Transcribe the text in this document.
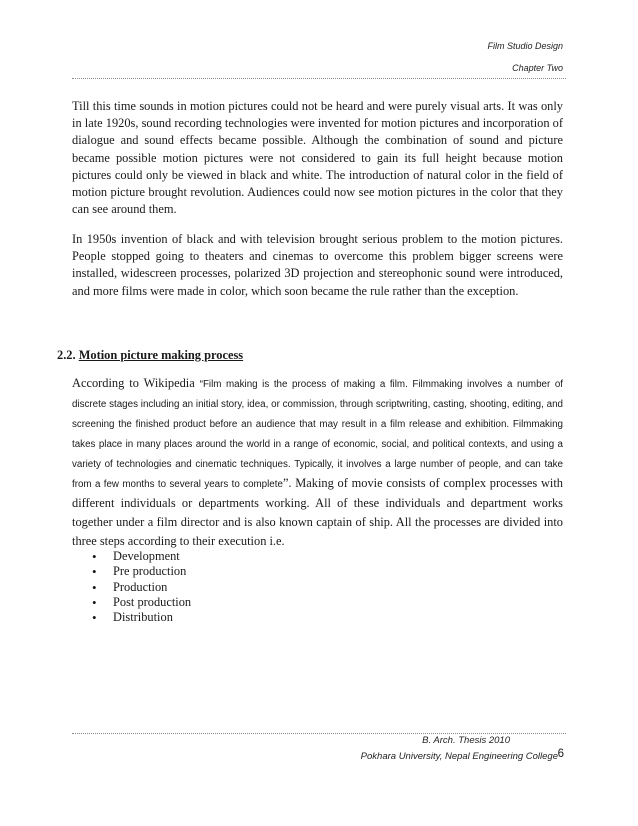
Film Studio Design
Chapter Two
Till this time sounds in motion pictures could not be heard and were purely visual arts. It was only in late 1920s, sound recording technologies were invented for motion pictures and incorporation of dialogue and sound effects became possible. Although the combination of sound and picture became possible motion pictures were not considered to gain its full height because motion pictures could only be viewed in black and white. The introduction of natural color in the field of motion picture brought revolution. Audiences could now see motion pictures in the color that they can see around them.
In 1950s invention of black and with television brought serious problem to the motion pictures. People stopped going to theaters and cinemas to overcome this problem bigger screens were installed, widescreen processes, polarized 3D projection and stereophonic sound were introduced, and more films were made in color, which soon became the rule rather than the exception.
2.2. Motion picture making process
According to Wikipedia “Film making is the process of making a film. Filmmaking involves a number of discrete stages including an initial story, idea, or commission, through scriptwriting, casting, shooting, editing, and screening the finished product before an audience that may result in a film release and exhibition. Filmmaking takes place in many places around the world in a range of economic, social, and political contexts, and using a variety of technologies and cinematic techniques. Typically, it involves a large number of people, and can take from a few months to several years to complete”. Making of movie consists of complex processes with different individuals or departments working. All of these individuals and department works together under a film director and is also known captain of ship. All the processes are divided into three steps according to their execution i.e.
• Development
• Pre production
• Production
• Post production
• Distribution
B. Arch. Thesis 2010
Pokhara University, Nepal Engineering College 6
